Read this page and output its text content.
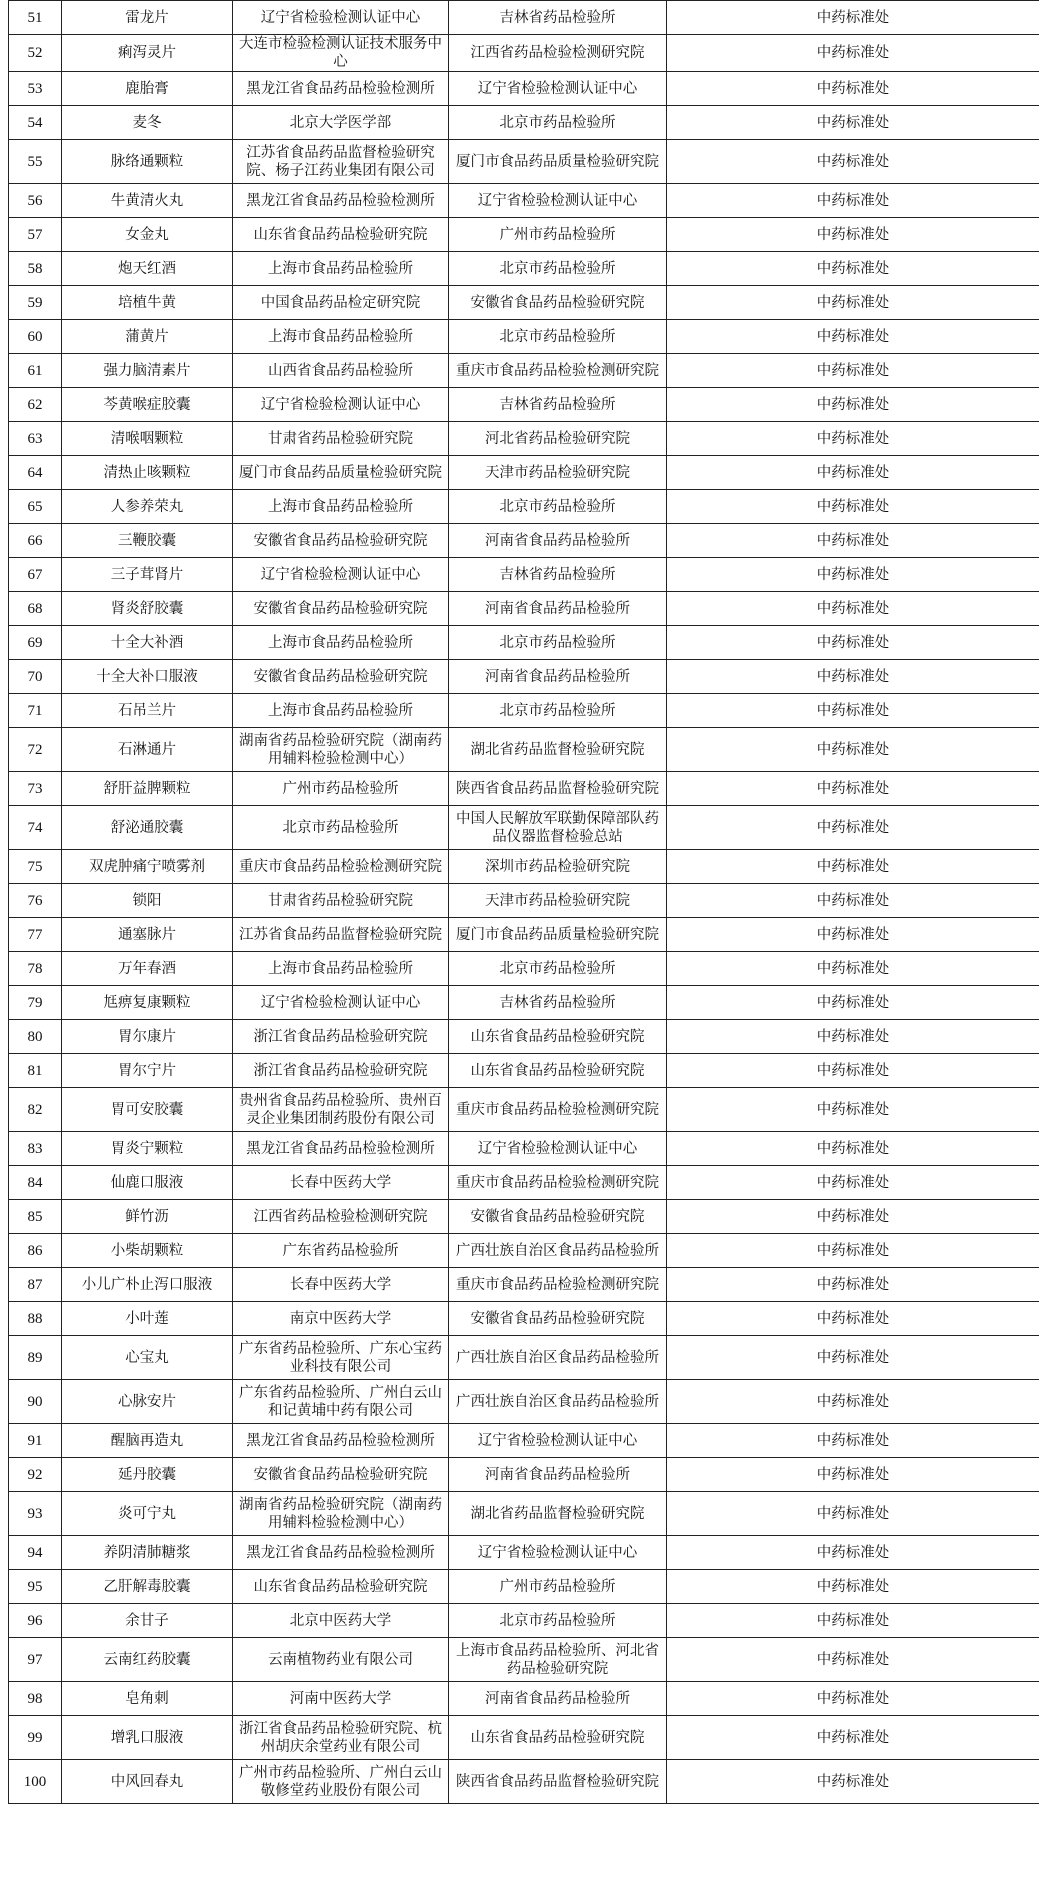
51	雷龙片	辽宁省检验检测认证中心	吉林省药品检验所	中药标准处
52	痢泻灵片	大连市检验检测认证技术服务中心	江西省药品检验检测研究院	中药标准处
53	鹿胎膏	黑龙江省食品药品检验检测所	辽宁省检验检测认证中心	中药标准处
54	麦冬	北京大学医学部	北京市药品检验所	中药标准处
55	脉络通颗粒	江苏省食品药品监督检验研究院、杨子江药业集团有限公司	厦门市食品药品质量检验研究院	中药标准处
56	牛黄清火丸	黑龙江省食品药品检验检测所	辽宁省检验检测认证中心	中药标准处
57	女金丸	山东省食品药品检验研究院	广州市药品检验所	中药标准处
58	炮天红酒	上海市食品药品检验所	北京市药品检验所	中药标准处
59	培植牛黄	中国食品药品检定研究院	安徽省食品药品检验研究院	中药标准处
60	蒲黄片	上海市食品药品检验所	北京市药品检验所	中药标准处
61	强力脑清素片	山西省食品药品检验所	重庆市食品药品检验检测研究院	中药标准处
62	芩黄喉症胶囊	辽宁省检验检测认证中心	吉林省药品检验所	中药标准处
63	清喉咽颗粒	甘肃省药品检验研究院	河北省药品检验研究院	中药标准处
64	清热止咳颗粒	厦门市食品药品质量检验研究院	天津市药品检验研究院	中药标准处
65	人参养荣丸	上海市食品药品检验所	北京市药品检验所	中药标准处
66	三鞭胶囊	安徽省食品药品检验研究院	河南省食品药品检验所	中药标准处
67	三子茸肾片	辽宁省检验检测认证中心	吉林省药品检验所	中药标准处
68	肾炎舒胶囊	安徽省食品药品检验研究院	河南省食品药品检验所	中药标准处
69	十全大补酒	上海市食品药品检验所	北京市药品检验所	中药标准处
70	十全大补口服液	安徽省食品药品检验研究院	河南省食品药品检验所	中药标准处
71	石吊兰片	上海市食品药品检验所	北京市药品检验所	中药标准处
72	石淋通片	湖南省药品检验研究院（湖南药用辅料检验检测中心）	湖北省药品监督检验研究院	中药标准处
73	舒肝益脾颗粒	广州市药品检验所	陕西省食品药品监督检验研究院	中药标准处
74	舒泌通胶囊	北京市药品检验所	中国人民解放军联勤保障部队药品仪器监督检验总站	中药标准处
75	双虎肿痛宁喷雾剂	重庆市食品药品检验检测研究院	深圳市药品检验研究院	中药标准处
76	锁阳	甘肃省药品检验研究院	天津市药品检验研究院	中药标准处
77	通塞脉片	江苏省食品药品监督检验研究院	厦门市食品药品质量检验研究院	中药标准处
78	万年春酒	上海市食品药品检验所	北京市药品检验所	中药标准处
79	尪痹复康颗粒	辽宁省检验检测认证中心	吉林省药品检验所	中药标准处
80	胃尔康片	浙江省食品药品检验研究院	山东省食品药品检验研究院	中药标准处
81	胃尔宁片	浙江省食品药品检验研究院	山东省食品药品检验研究院	中药标准处
82	胃可安胶囊	贵州省食品药品检验所、贵州百灵企业集团制药股份有限公司	重庆市食品药品检验检测研究院	中药标准处
83	胃炎宁颗粒	黑龙江省食品药品检验检测所	辽宁省检验检测认证中心	中药标准处
84	仙鹿口服液	长春中医药大学	重庆市食品药品检验检测研究院	中药标准处
85	鲜竹沥	江西省药品检验检测研究院	安徽省食品药品检验研究院	中药标准处
86	小柴胡颗粒	广东省药品检验所	广西壮族自治区食品药品检验所	中药标准处
87	小儿广朴止泻口服液	长春中医药大学	重庆市食品药品检验检测研究院	中药标准处
88	小叶莲	南京中医药大学	安徽省食品药品检验研究院	中药标准处
89	心宝丸	广东省药品检验所、广东心宝药业科技有限公司	广西壮族自治区食品药品检验所	中药标准处
90	心脉安片	广东省药品检验所、广州白云山和记黄埔中药有限公司	广西壮族自治区食品药品检验所	中药标准处
91	醒脑再造丸	黑龙江省食品药品检验检测所	辽宁省检验检测认证中心	中药标准处
92	延丹胶囊	安徽省食品药品检验研究院	河南省食品药品检验所	中药标准处
93	炎可宁丸	湖南省药品检验研究院（湖南药用辅料检验检测中心）	湖北省药品监督检验研究院	中药标准处
94	养阴清肺糖浆	黑龙江省食品药品检验检测所	辽宁省检验检测认证中心	中药标准处
95	乙肝解毒胶囊	山东省食品药品检验研究院	广州市药品检验所	中药标准处
96	余甘子	北京中医药大学	北京市药品检验所	中药标准处
97	云南红药胶囊	云南植物药业有限公司	上海市食品药品检验所、河北省药品检验研究院	中药标准处
98	皂角刺	河南中医药大学	河南省食品药品检验所	中药标准处
99	增乳口服液	浙江省食品药品检验研究院、杭州胡庆余堂药业有限公司	山东省食品药品检验研究院	中药标准处
100	中风回春丸	广州市药品检验所、广州白云山敬修堂药业股份有限公司	陕西省食品药品监督检验研究院	中药标准处
